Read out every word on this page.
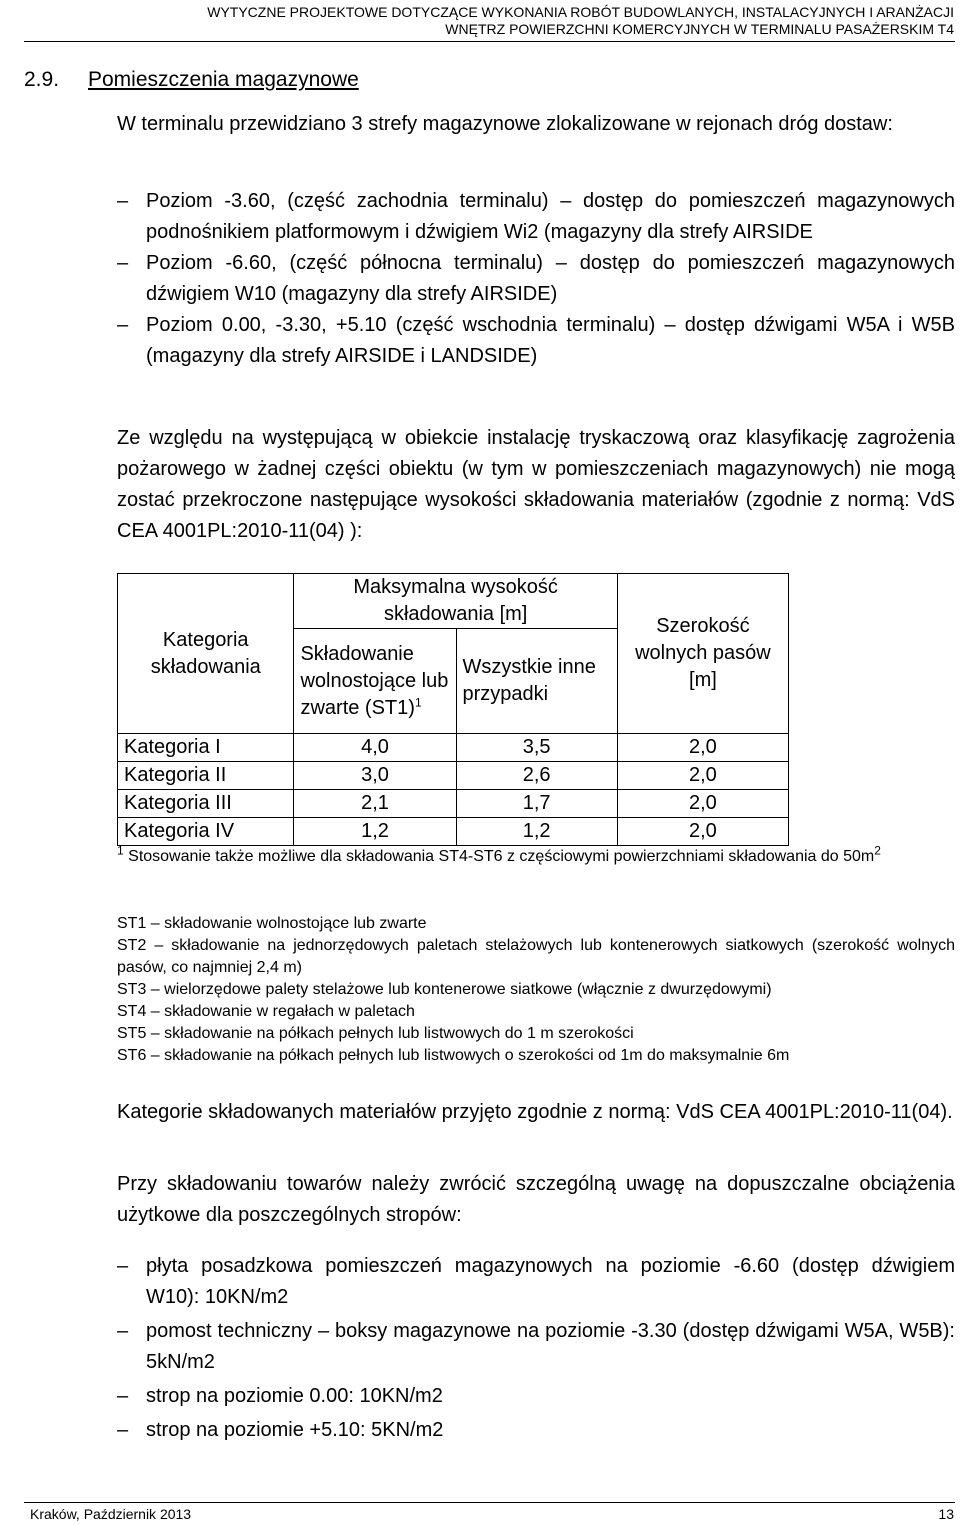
WYTYCZNE PROJEKTOWE DOTYCZĄCE WYKONANIA ROBÓT BUDOWLANYCH, INSTALACYJNYCH I ARANŻACJI
WNĘTRZ POWIERZCHNI KOMERCYJNYCH W TERMINALU PASAŻERSKIM T4
2.9. Pomieszczenia magazynowe
W terminalu przewidziano 3 strefy magazynowe zlokalizowane w rejonach dróg dostaw:
– Poziom -3.60, (część zachodnia terminalu) – dostęp do pomieszczeń magazynowych podnośnikiem platformowym i dźwigiem Wi2 (magazyny dla strefy AIRSIDE
– Poziom -6.60, (część północna terminalu) – dostęp do pomieszczeń magazynowych dźwigiem W10 (magazyny dla strefy AIRSIDE)
– Poziom 0.00, -3.30, +5.10 (część wschodnia terminalu) – dostęp dźwigami W5A i W5B (magazyny dla strefy AIRSIDE i LANDSIDE)
Ze względu na występującą w obiekcie instalację tryskaczową oraz klasyfikację zagrożenia pożarowego w żadnej części obiektu (w tym w pomieszczeniach magazynowych) nie mogą zostać przekroczone następujące wysokości składowania materiałów (zgodnie z normą: VdS CEA 4001PL:2010-11(04) ):
Kategoria składowania	Maksymalna wysokość składowania [m]		Szerokość wolnych pasów [m]
	Składowanie wolnostojące lub zwarte $(ST1)^1$	Wszystkie inne przypadki	
Kategoria I	4,0	3,5	2,0
Kategoria II	3,0	2,6	2,0
Kategoria III	2,1	1,7	2,0
Kategoria IV	1,2	1,2	2,0
$^1$ Stosowanie także możliwe dla składowania ST4-ST6 z częściowymi powierzchniami składowania do $50m^2$
ST1 – składowanie wolnostojące lub zwarte
ST2 – składowanie na jednorzędowych paletach stelażowych lub kontenerowych siatkowych (szerokość wolnych pasów, co najmniej 2,4 m)
ST3 – wielorzędowe palety stelażowe lub kontenerowe siatkowe (włącznie z dwurzędowymi)
ST4 – składowanie w regałach w paletach
ST5 – składowanie na półkach pełnych lub listwowych do 1 m szerokości
ST6 – składowanie na półkach pełnych lub listwowych o szerokości od 1m do maksymalnie 6m
Kategorie składowanych materiałów przyjęto zgodnie z normą: VdS CEA 4001PL:2010-11(04).
Przy składowaniu towarów należy zwrócić szczególną uwagę na dopuszczalne obciążenia użytkowe dla poszczególnych stropów:
– płyta posadzkowa pomieszczeń magazynowych na poziomie -6.60 (dostęp dźwigiem W10): 10KN/m2
– pomost techniczny – boksy magazynowe na poziomie -3.30 (dostęp dźwigami W5A, W5B): 5kN/m2
– strop na poziomie 0.00: 10KN/m2
– strop na poziomie +5.10: 5KN/m2
Kraków, Październik 2013	13
